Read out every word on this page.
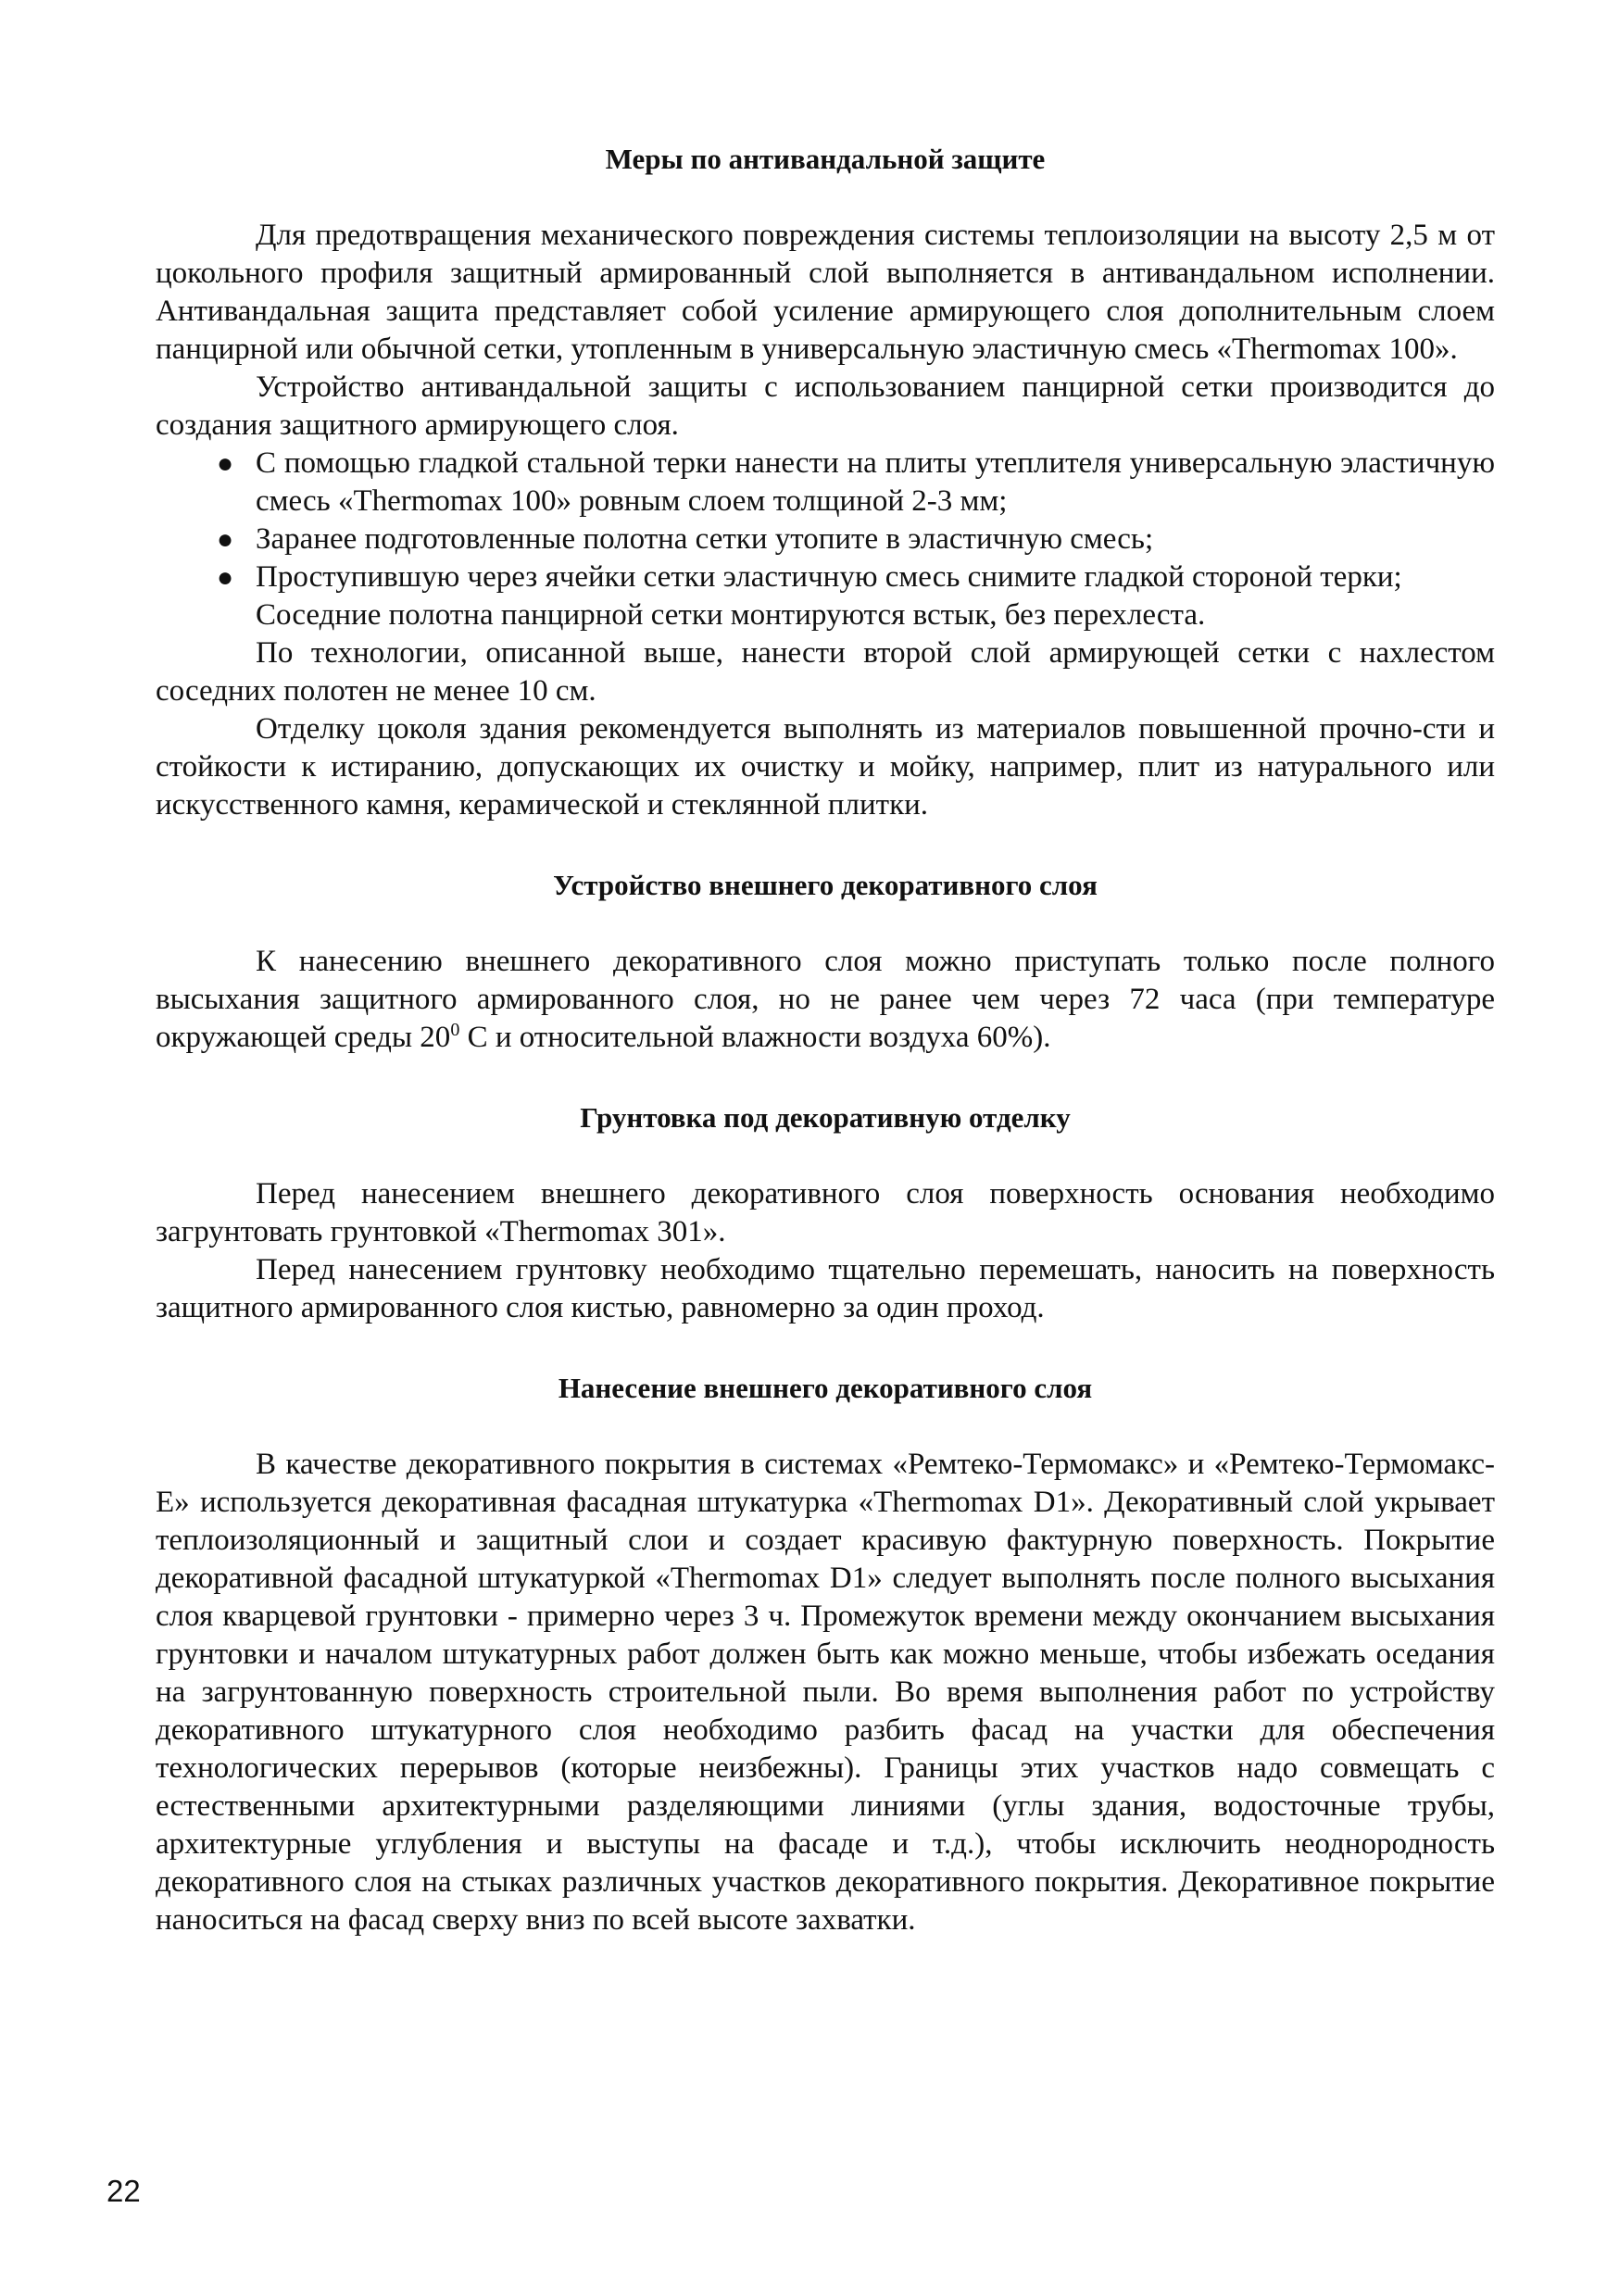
Меры по антивандальной защите

Для предотвращения механического повреждения системы теплоизоляции на высоту 2,5 м от цокольного профиля защитный армированный слой выполняется в антивандальном исполнении. Антивандальная защита представляет собой усиление армирующего слоя дополнительным слоем панцирной или обычной сетки, утопленным в универсальную эластичную смесь «Thermomax 100».

Устройство антивандальной защиты с использованием панцирной сетки производится до создания защитного армирующего слоя.

● С помощью гладкой стальной терки нанести на плиты утеплителя универсальную эластичную смесь «Thermomax 100» ровным слоем толщиной 2-3 мм;
● Заранее подготовленные полотна сетки утопите в эластичную смесь;
● Проступившую через ячейки сетки эластичную смесь снимите гладкой стороной терки;
Соседние полотна панцирной сетки монтируются встык, без перехлеста.

По технологии, описанной выше, нанести второй слой армирующей сетки с нахлестом соседних полотен не менее 10 см.

Отделку цоколя здания рекомендуется выполнять из материалов повышенной прочно-сти и стойкости к истиранию, допускающих их очистку и мойку, например, плит из натурального или искусственного камня, керамической и стеклянной плитки.

Устройство внешнего декоративного слоя

К нанесению внешнего декоративного слоя можно приступать только после полного высыхания защитного армированного слоя, но не ранее чем через 72 часа (при температуре окружающей среды $20^0$ С и относительной влажности воздуха 60%).

Грунтовка под декоративную отделку

Перед нанесением внешнего декоративного слоя поверхность основания необходимо загрунтовать грунтовкой «Thermomax 301».

Перед нанесением грунтовку необходимо тщательно перемешать, наносить на поверхность защитного армированного слоя кистью, равномерно за один проход.

Нанесение внешнего декоративного слоя

В качестве декоративного покрытия в системах «Ремтеко-Термомакс» и «Ремтеко-Термомакс-Е» используется декоративная фасадная штукатурка «Thermomax D1». Декоративный слой укрывает теплоизоляционный и защитный слои и создает красивую фактурную поверхность. Покрытие декоративной фасадной штукатуркой «Thermomax D1» следует выполнять после полного высыхания слоя кварцевой грунтовки - примерно через 3 ч. Промежуток времени между окончанием высыхания грунтовки и началом штукатурных работ должен быть как можно меньше, чтобы избежать оседания на загрунтованную поверхность строительной пыли. Во время выполнения работ по устройству декоративного штукатурного слоя необходимо разбить фасад на участки для обеспечения технологических перерывов (которые неизбежны). Границы этих участков надо совмещать с естественными архитектурными разделяющими линиями (углы здания, водосточные трубы, архитектурные углубления и выступы на фасаде и т.д.), чтобы исключить неоднородность декоративного слоя на стыках различных участков декоративного покрытия. Декоративное покрытие наноситься на фасад сверху вниз по всей высоте захватки.

22
